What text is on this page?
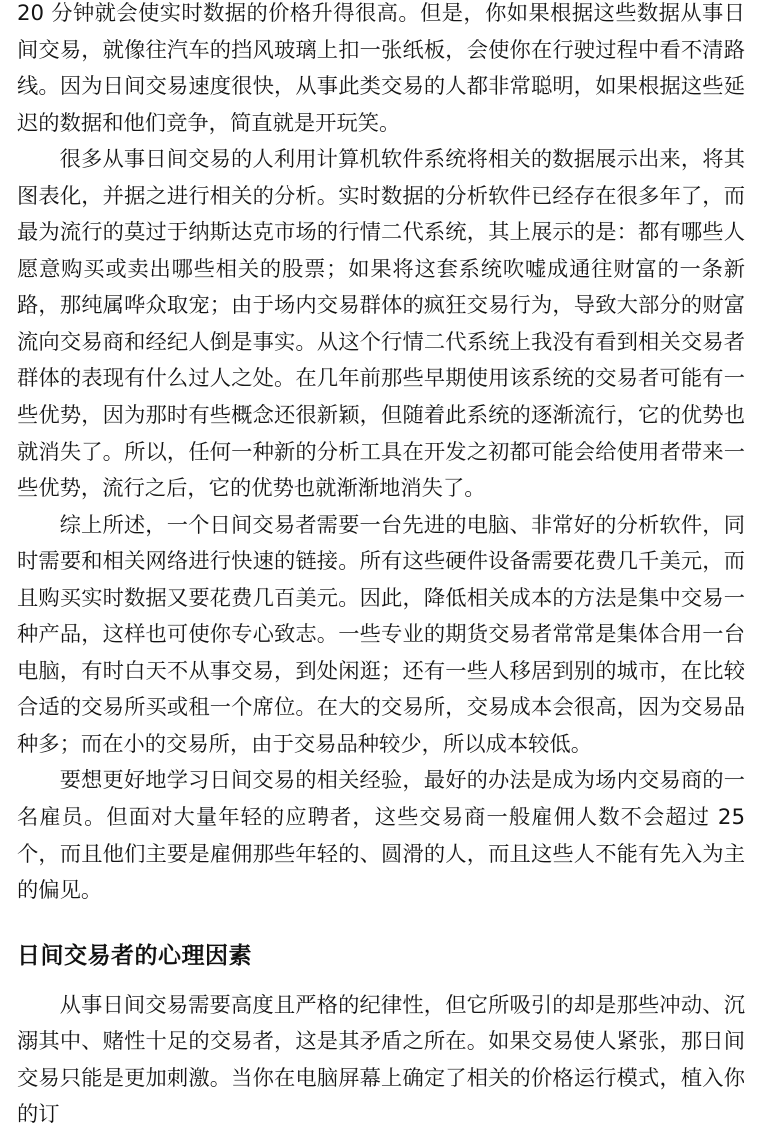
20 分钟就会使实时数据的价格升得很高。但是，你如果根据这些数据从事日间交易，就像往汽车的挡风玻璃上扣一张纸板，会使你在行驶过程中看不清路线。因为日间交易速度很快，从事此类交易的人都非常聪明，如果根据这些延迟的数据和他们竞争，简直就是开玩笑。

很多从事日间交易的人利用计算机软件系统将相关的数据展示出来，将其图表化，并据之进行相关的分析。实时数据的分析软件已经存在很多年了，而最为流行的莫过于纳斯达克市场的行情二代系统，其上展示的是：都有哪些人愿意购买或卖出哪些相关的股票；如果将这套系统吹嘘成通往财富的一条新路，那纯属哗众取宠；由于场内交易群体的疯狂交易行为，导致大部分的财富流向交易商和经纪人倒是事实。从这个行情二代系统上我没有看到相关交易者群体的表现有什么过人之处。在几年前那些早期使用该系统的交易者可能有一些优势，因为那时有些概念还很新颖，但随着此系统的逐渐流行，它的优势也就消失了。所以，任何一种新的分析工具在开发之初都可能会给使用者带来一些优势，流行之后，它的优势也就渐渐地消失了。

综上所述，一个日间交易者需要一台先进的电脑、非常好的分析软件，同时需要和相关网络进行快速的链接。所有这些硬件设备需要花费几千美元，而且购买实时数据又要花费几百美元。因此，降低相关成本的方法是集中交易一种产品，这样也可使你专心致志。一些专业的期货交易者常常是集体合用一台电脑，有时白天不从事交易，到处闲逛；还有一些人移居到别的城市，在比较合适的交易所买或租一个席位。在大的交易所，交易成本会很高，因为交易品种多；而在小的交易所，由于交易品种较少，所以成本较低。

要想更好地学习日间交易的相关经验，最好的办法是成为场内交易商的一名雇员。但面对大量年轻的应聘者，这些交易商一般雇佣人数不会超过 25 个，而且他们主要是雇佣那些年轻的、圆滑的人，而且这些人不能有先入为主的偏见。

日间交易者的心理因素

从事日间交易需要高度且严格的纪律性，但它所吸引的却是那些冲动、沉溺其中、赌性十足的交易者，这是其矛盾之所在。如果交易使人紧张，那日间交易只能是更加刺激。当你在电脑屏幕上确定了相关的价格运行模式，植入你的订
